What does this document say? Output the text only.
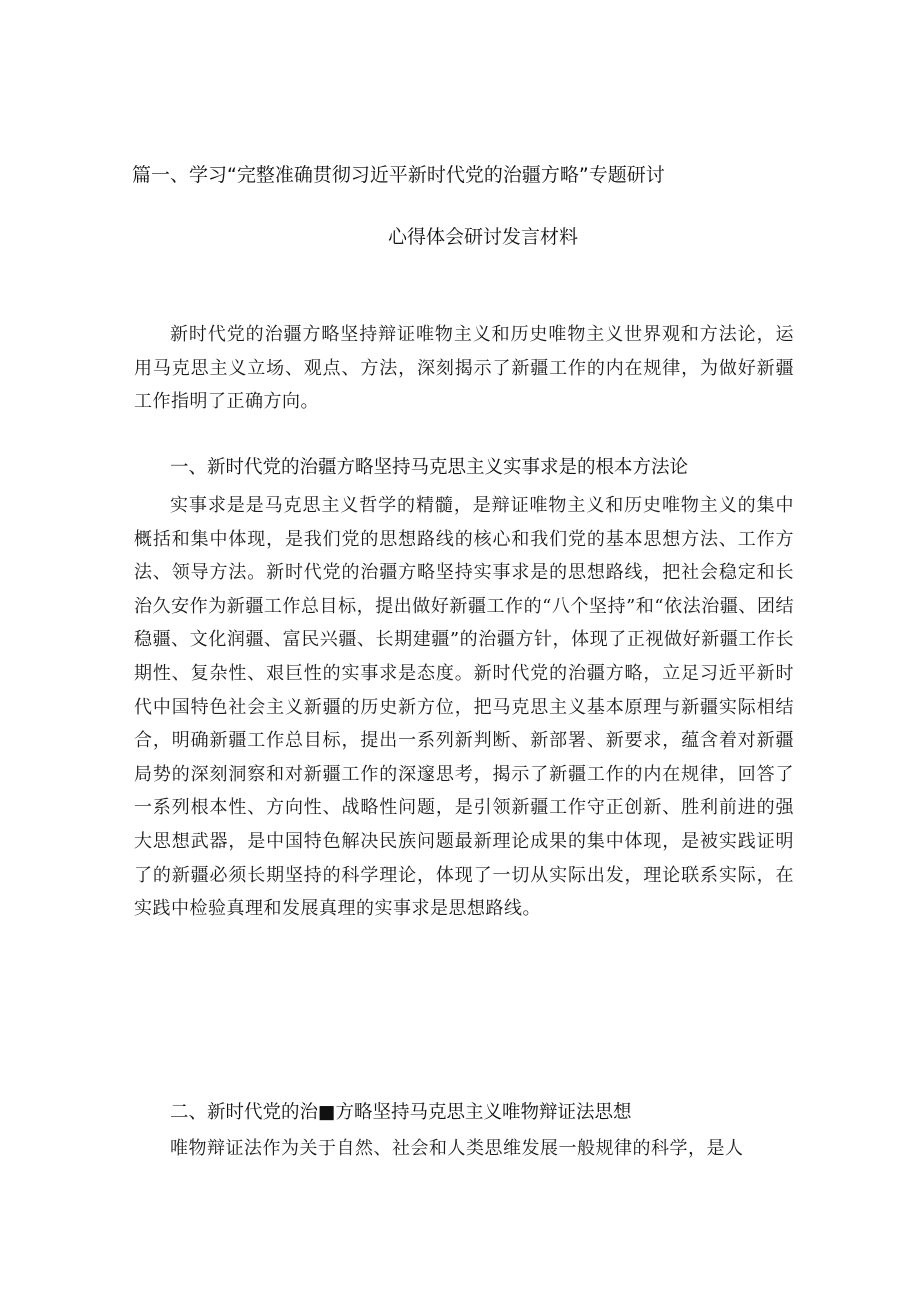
篇一、学习“完整准确贯彻习近平新时代党的治疆方略”专题研讨
心得体会研讨发言材料
新时代党的治疆方略坚持辩证唯物主义和历史唯物主义世界观和方法论，运用马克思主义立场、观点、方法，深刻揭示了新疆工作的内在规律，为做好新疆工作指明了正确方向。
一、新时代党的治疆方略坚持马克思主义实事求是的根本方法论
实事求是是马克思主义哲学的精髓，是辩证唯物主义和历史唯物主义的集中概括和集中体现，是我们党的思想路线的核心和我们党的基本思想方法、工作方法、领导方法。新时代党的治疆方略坚持实事求是的思想路线，把社会稳定和长治久安作为新疆工作总目标，提出做好新疆工作的“八个坚持”和“依法治疆、团结稳疆、文化润疆、富民兴疆、长期建疆”的治疆方针，体现了正视做好新疆工作长期性、复杂性、艰巨性的实事求是态度。新时代党的治疆方略，立足习近平新时代中国特色社会主义新疆的历史新方位，把马克思主义基本原理与新疆实际相结合，明确新疆工作总目标，提出一系列新判断、新部署、新要求，蕴含着对新疆局势的深刻洞察和对新疆工作的深邃思考，揭示了新疆工作的内在规律，回答了一系列根本性、方向性、战略性问题，是引领新疆工作守正创新、胜利前进的强大思想武器，是中国特色解决民族问题最新理论成果的集中体现，是被实践证明了的新疆必须长期坚持的科学理论，体现了一切从实际出发，理论联系实际，在实践中检验真理和发展真理的实事求是思想路线。
二、新时代党的治■方略坚持马克思主义唯物辩证法思想
唯物辩证法作为关于自然、社会和人类思维发展一般规律的科学，是人
